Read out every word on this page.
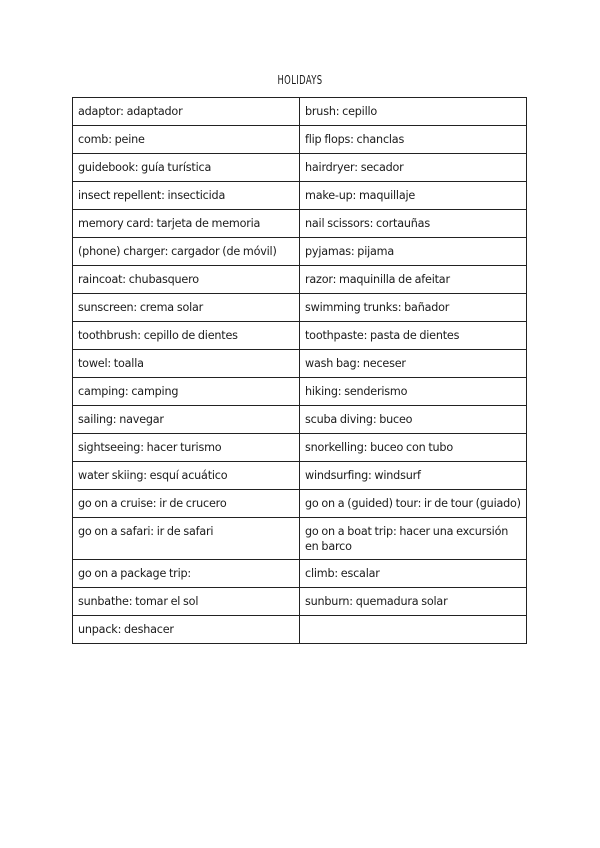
HOLIDAYS
adaptor: adaptador	brush: cepillo
comb: peine	flip flops: chanclas
guidebook: guía turística	hairdryer: secador
insect repellent: insecticida	make-up: maquillaje
memory card: tarjeta de memoria	nail scissors: cortauñas
(phone) charger: cargador (de móvil)	pyjamas: pijama
raincoat: chubasquero	razor: maquinilla de afeitar
sunscreen: crema solar	swimming trunks: bañador
toothbrush: cepillo de dientes	toothpaste: pasta de dientes
towel: toalla	wash bag: neceser
camping: camping	hiking: senderismo
sailing: navegar	scuba diving: buceo
sightseeing: hacer turismo	snorkelling: buceo con tubo
water skiing: esquí acuático	windsurfing: windsurf
go on a cruise: ir de crucero	go on a (guided) tour: ir de tour (guiado)
go on a safari: ir de safari	go on a boat trip: hacer una excursión en barco
go on a package trip:	climb: escalar
sunbathe: tomar el sol	sunburn: quemadura solar
unpack: deshacer	
